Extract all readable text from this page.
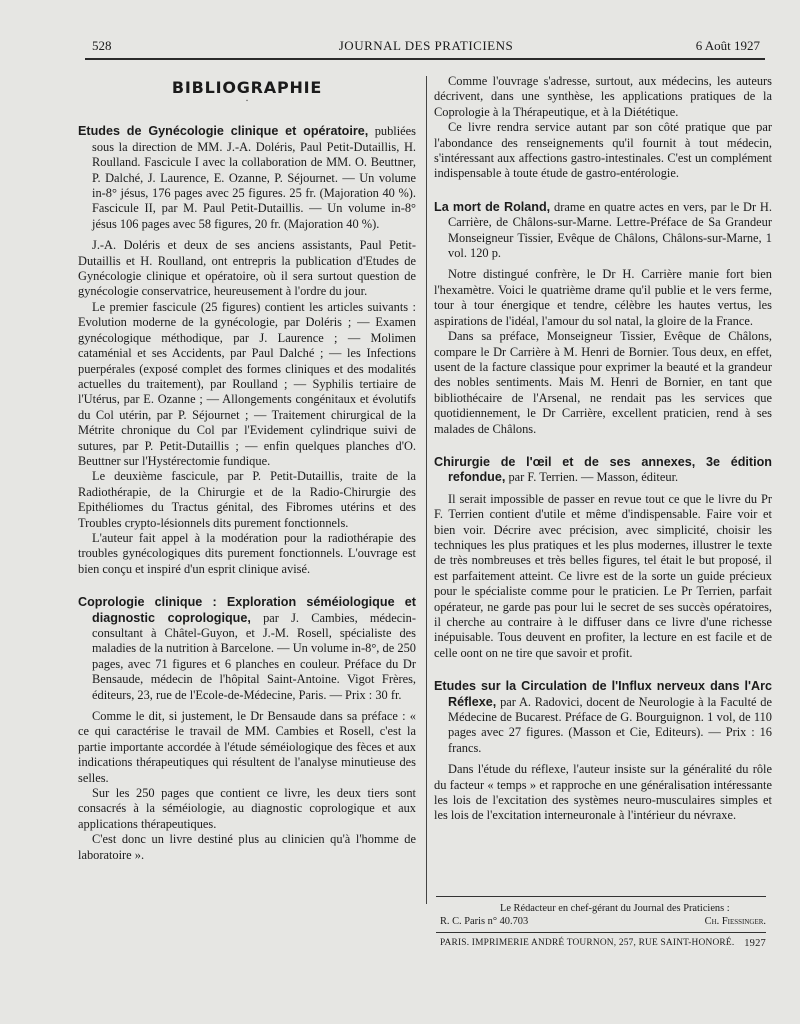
528	JOURNAL DES PRATICIENS	6 Août 1927
BIBLIOGRAPHIE
▪

Etudes de Gynécologie clinique et opératoire, publiées sous la direction de MM. J.-A. Doléris, Paul Petit-Dutaillis, H. Roulland. Fascicule I avec la collaboration de MM. O. Beuttner, P. Dalché, J. Laurence, E. Ozanne, P. Séjournet. — Un volume in-8° jésus, 176 pages avec 25 figures. 25 fr. (Majoration 40 %). Fascicule II, par M. Paul Petit-Dutaillis. — Un volume in-8° jésus 106 pages avec 58 figures, 20 fr. (Majoration 40 %).

J.-A. Doléris et deux de ses anciens assistants, Paul Petit-Dutaillis et H. Roulland, ont entrepris la publication d'Etudes de Gynécologie clinique et opératoire, où il sera surtout question de gynécologie conservatrice, heureusement à l'ordre du jour.

Le premier fascicule (25 figures) contient les articles suivants : Evolution moderne de la gynécologie, par Doléris ; — Examen gynécologique méthodique, par J. Laurence ; — Molimen cataménial et ses Accidents, par Paul Dalché ; — les Infections puerpérales (exposé complet des formes cliniques et des modalités actuelles du traitement), par Roulland ; — Syphilis tertiaire de l'Utérus, par E. Ozanne ; — Allongements congénitaux et évolutifs du Col utérin, par P. Séjournet ; — Traitement chirurgical de la Métrite chronique du Col par l'Evidement cylindrique suivi de sutures, par P. Petit-Dutaillis ; — enfin quelques planches d'O. Beuttner sur l'Hystérectomie fundique.

Le deuxième fascicule, par P. Petit-Dutaillis, traite de la Radiothérapie, de la Chirurgie et de la Radio-Chirurgie des Epithéliomes du Tractus génital, des Fibromes utérins et des Troubles crypto-lésionnels dits purement fonctionnels.

L'auteur fait appel à la modération pour la radiothérapie des troubles gynécologiques dits purement fonctionnels. L'ouvrage est bien conçu et inspiré d'un esprit clinique avisé.

Coprologie clinique : Exploration séméiologique et diagnostic coprologique, par J. Cambies, médecin-consultant à Châtel-Guyon, et J.-M. Rosell, spécialiste des maladies de la nutrition à Barcelone. — Un volume in-8°, de 250 pages, avec 71 figures et 6 planches en couleur. Préface du Dr Bensaude, médecin de l'hôpital Saint-Antoine. Vigot Frères, éditeurs, 23, rue de l'Ecole-de-Médecine, Paris. — Prix : 30 fr.

Comme le dit, si justement, le Dr Bensaude dans sa préface : « ce qui caractérise le travail de MM. Cambies et Rosell, c'est la partie importante accordée à l'étude séméiologique des fèces et aux indications thérapeutiques qui résultent de l'analyse minutieuse des selles.

Sur les 250 pages que contient ce livre, les deux tiers sont consacrés à la séméiologie, au diagnostic coprologique et aux applications thérapeutiques.

C'est donc un livre destiné plus au clinicien qu'à l'homme de laboratoire ».

Comme l'ouvrage s'adresse, surtout, aux médecins, les auteurs décrivent, dans une synthèse, les applications pratiques de la Coprologie à la Thérapeutique, et à la Diététique.

Ce livre rendra service autant par son côté pratique que par l'abondance des renseignements qu'il fournit à tout médecin, s'intéressant aux affections gastro-intestinales. C'est un complément indispensable à toute étude de gastro-entérologie.

La mort de Roland, drame en quatre actes en vers, par le Dr H. Carrière, de Châlons-sur-Marne. Lettre-Préface de Sa Grandeur Monseigneur Tissier, Evêque de Châlons, Châlons-sur-Marne, 1 vol. 120 p.

Notre distingué confrère, le Dr H. Carrière manie fort bien l'hexamètre. Voici le quatrième drame qu'il publie et le vers ferme, tour à tour énergique et tendre, célèbre les hautes vertus, les aspirations de l'idéal, l'amour du sol natal, la gloire de la France.

Dans sa préface, Monseigneur Tissier, Evêque de Châlons, compare le Dr Carrière à M. Henri de Bornier. Tous deux, en effet, usent de la facture classique pour exprimer la beauté et la grandeur des nobles sentiments. Mais M. Henri de Bornier, en tant que bibliothécaire de l'Arsenal, ne rendait pas les services que quotidiennement, le Dr Carrière, excellent praticien, rend à ses malades de Châlons.

Chirurgie de l'œil et de ses annexes, 3e édition refondue, par F. Terrien. — Masson, éditeur.

Il serait impossible de passer en revue tout ce que le livre du Pr F. Terrien contient d'utile et même d'indispensable. Faire voir et bien voir. Décrire avec précision, avec simplicité, choisir les techniques les plus pratiques et les plus modernes, illustrer le texte de très nombreuses et très belles figures, tel était le but proposé, il est parfaitement atteint. Ce livre est de la sorte un guide précieux pour le spécialiste comme pour le praticien. Le Pr Terrien, parfait opérateur, ne garde pas pour lui le secret de ses succès opératoires, il cherche au contraire à le diffuser dans ce livre d'une richesse inépuisable. Tous deuvent en profiter, la lecture en est facile et de celle oont on ne tire que savoir et profit.

Etudes sur la Circulation de l'Influx nerveux dans l'Arc Réflexe, par A. Radovici, docent de Neurologie à la Faculté de Médecine de Bucarest. Préface de G. Bourguignon. 1 vol, de 110 pages avec 27 figures. (Masson et Cie, Editeurs). — Prix : 16 francs.

Dans l'étude du réflexe, l'auteur insiste sur la généralité du rôle du facteur « temps » et rapproche en une généralisation intéressante les lois de l'excitation des systèmes neuro-musculaires simples et les lois de l'excitation interneuronale à l'intérieur du névraxe.

Le Rédacteur en chef-gérant du Journal des Praticiens :
R. C. Paris n° 40.703	Ch. Fiessinger.
PARIS. IMPRIMERIE ANDRÉ TOURNON, 257, RUE SAINT-HONORÉ. 1927
